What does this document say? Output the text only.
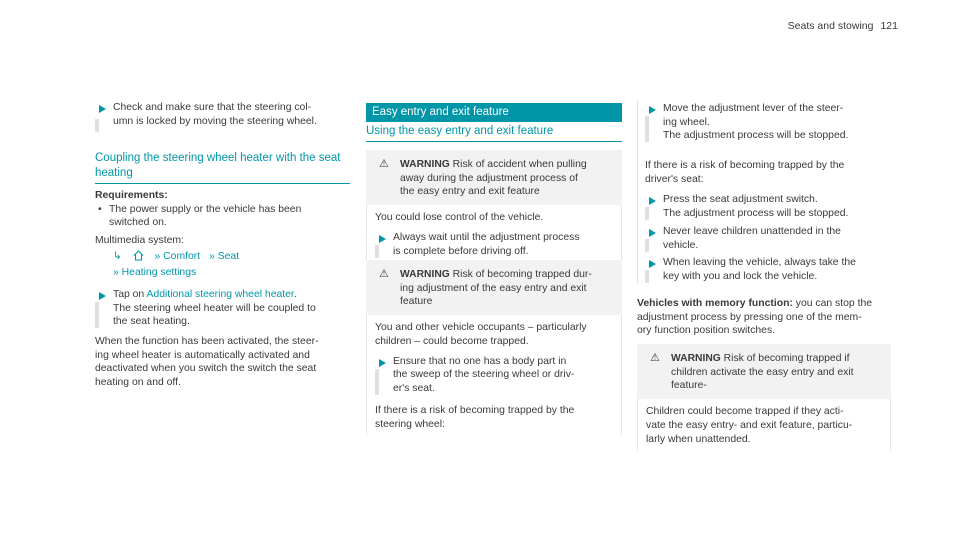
Seats and stowing 121
Check and make sure that the steering col-
umn is locked by moving the steering wheel.
Coupling the steering wheel heater with the seat
heating
Requirements:
• The power supply or the vehicle has been
switched on.
Multimedia system:
↳	» Comfort » Seat
» Heating settings
Tap on Additional steering wheel heater.
The steering wheel heater will be coupled to
the seat heating.
When the function has been activated, the steer-
ing wheel heater is automatically activated and
deactivated when you switch the switch the seat
heating on and off.
Easy entry and exit feature
Using the easy entry and exit feature
⚠ WARNING Risk of accident when pulling
away during the adjustment process of
the easy entry and exit feature
You could lose control of the vehicle.
Always wait until the adjustment process
is complete before driving off.
⚠ WARNING Risk of becoming trapped dur-
ing adjustment of the easy entry and exit
feature
You and other vehicle occupants – particularly
children – could become trapped.
Ensure that no one has a body part in
the sweep of the steering wheel or driv-
er's seat.
If there is a risk of becoming trapped by the
steering wheel:
Move the adjustment lever of the steer-
ing wheel.
The adjustment process will be stopped.
If there is a risk of becoming trapped by the
driver's seat:
Press the seat adjustment switch.
The adjustment process will be stopped.
Never leave children unattended in the
vehicle.
When leaving the vehicle, always take the
key with you and lock the vehicle.
Vehicles with memory function: you can stop the
adjustment process by pressing one of the mem-
ory function position switches.
⚠ WARNING Risk of becoming trapped if
children activate the easy entry and exit
feature-
Children could become trapped if they acti-
vate the easy entry- and exit feature, particu-
larly when unattended.
